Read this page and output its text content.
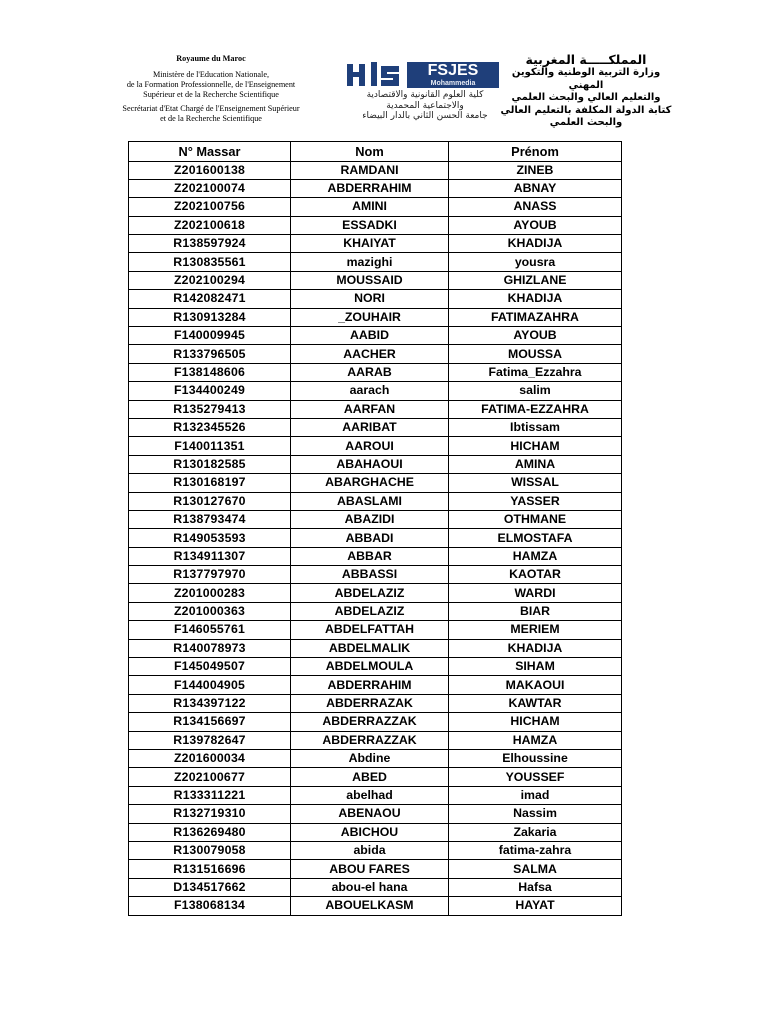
Royaume du Maroc
Ministère de l'Education Nationale,
de la Formation Professionnelle, de l'Enseignement
Supérieur et de la Recherche Scientifique
Secrétariat d'Etat Chargé de l'Enseignement Supérieur
et de la Recherche Scientifique
FSJES
Mohammedia
كلية العلوم القانونية والاقتصادية
والاجتماعية المحمدية
جامعة الحسن الثاني بالدار البيضاء
المملكـــــة المغربية
وزارة التربية الوطنية والتكوين المهني
والتعليم العالي والبحث العلمي
كتابة الدولة المكلفة بالتعليم العالي
والبحث العلمي
N° Massar	Nom	Prénom
Z201600138	RAMDANI	ZINEB
Z202100074	ABDERRAHIM	ABNAY
Z202100756	AMINI	ANASS
Z202100618	ESSADKI	AYOUB
R138597924	KHAIYAT	KHADIJA
R130835561	mazighi	yousra
Z202100294	MOUSSAID	GHIZLANE
R142082471	NORI	KHADIJA
R130913284	_ZOUHAIR	FATIMAZAHRA
F140009945	AABID	AYOUB
R133796505	AACHER	MOUSSA
F138148606	AARAB	Fatima_Ezzahra
F134400249	aarach	salim
R135279413	AARFAN	FATIMA-EZZAHRA
R132345526	AARIBAT	Ibtissam
F140011351	AAROUI	HICHAM
R130182585	ABAHAOUI	AMINA
R130168197	ABARGHACHE	WISSAL
R130127670	ABASLAMI	YASSER
R138793474	ABAZIDI	OTHMANE
R149053593	ABBADI	ELMOSTAFA
R134911307	ABBAR	HAMZA
R137797970	ABBASSI	KAOTAR
Z201000283	ABDELAZIZ	WARDI
Z201000363	ABDELAZIZ	BIAR
F146055761	ABDELFATTAH	MERIEM
R140078973	ABDELMALIK	KHADIJA
F145049507	ABDELMOULA	SIHAM
F144004905	ABDERRAHIM	MAKAOUI
R134397122	ABDERRAZAK	KAWTAR
R134156697	ABDERRAZZAK	HICHAM
R139782647	ABDERRAZZAK	HAMZA
Z201600034	Abdine	Elhoussine
Z202100677	ABED	YOUSSEF
R133311221	abelhad	imad
R132719310	ABENAOU	Nassim
R136269480	ABICHOU	Zakaria
R130079058	abida	fatima-zahra
R131516696	ABOU FARES	SALMA
D134517662	abou-el hana	Hafsa
F138068134	ABOUELKASM	HAYAT
